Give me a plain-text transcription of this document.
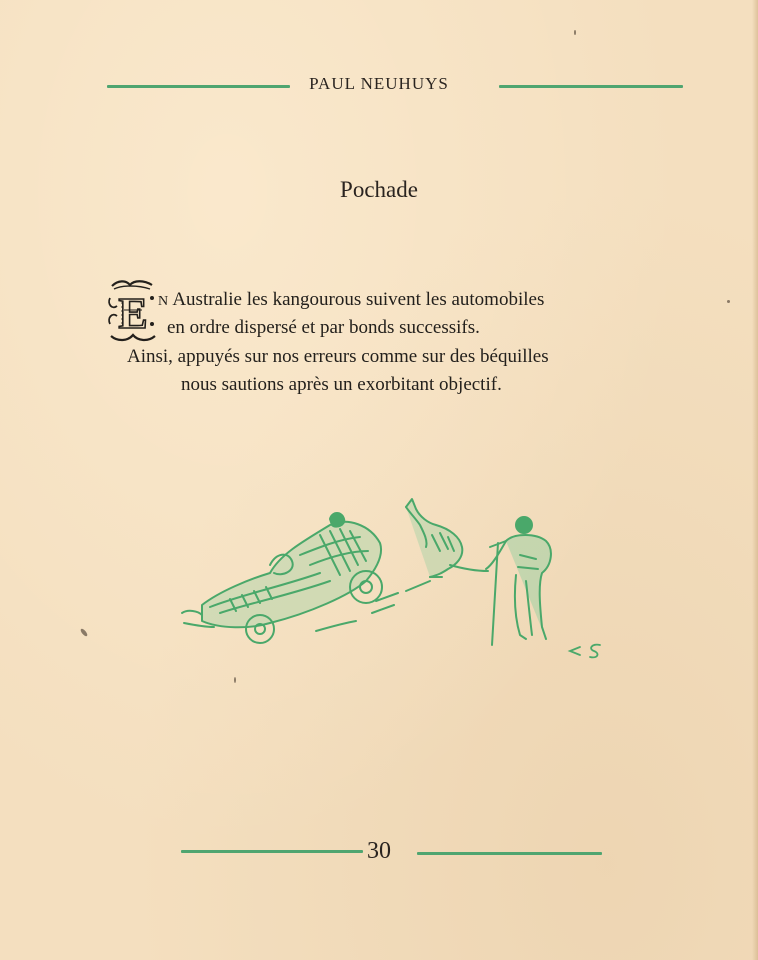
PAUL NEUHUYS
Pochade
E N Australie les kangourous suivent les automobiles
en ordre dispersé et par bonds successifs.
Ainsi, appuyés sur nos erreurs comme sur des béquilles
nous sautions après un exorbitant objectif.
30
